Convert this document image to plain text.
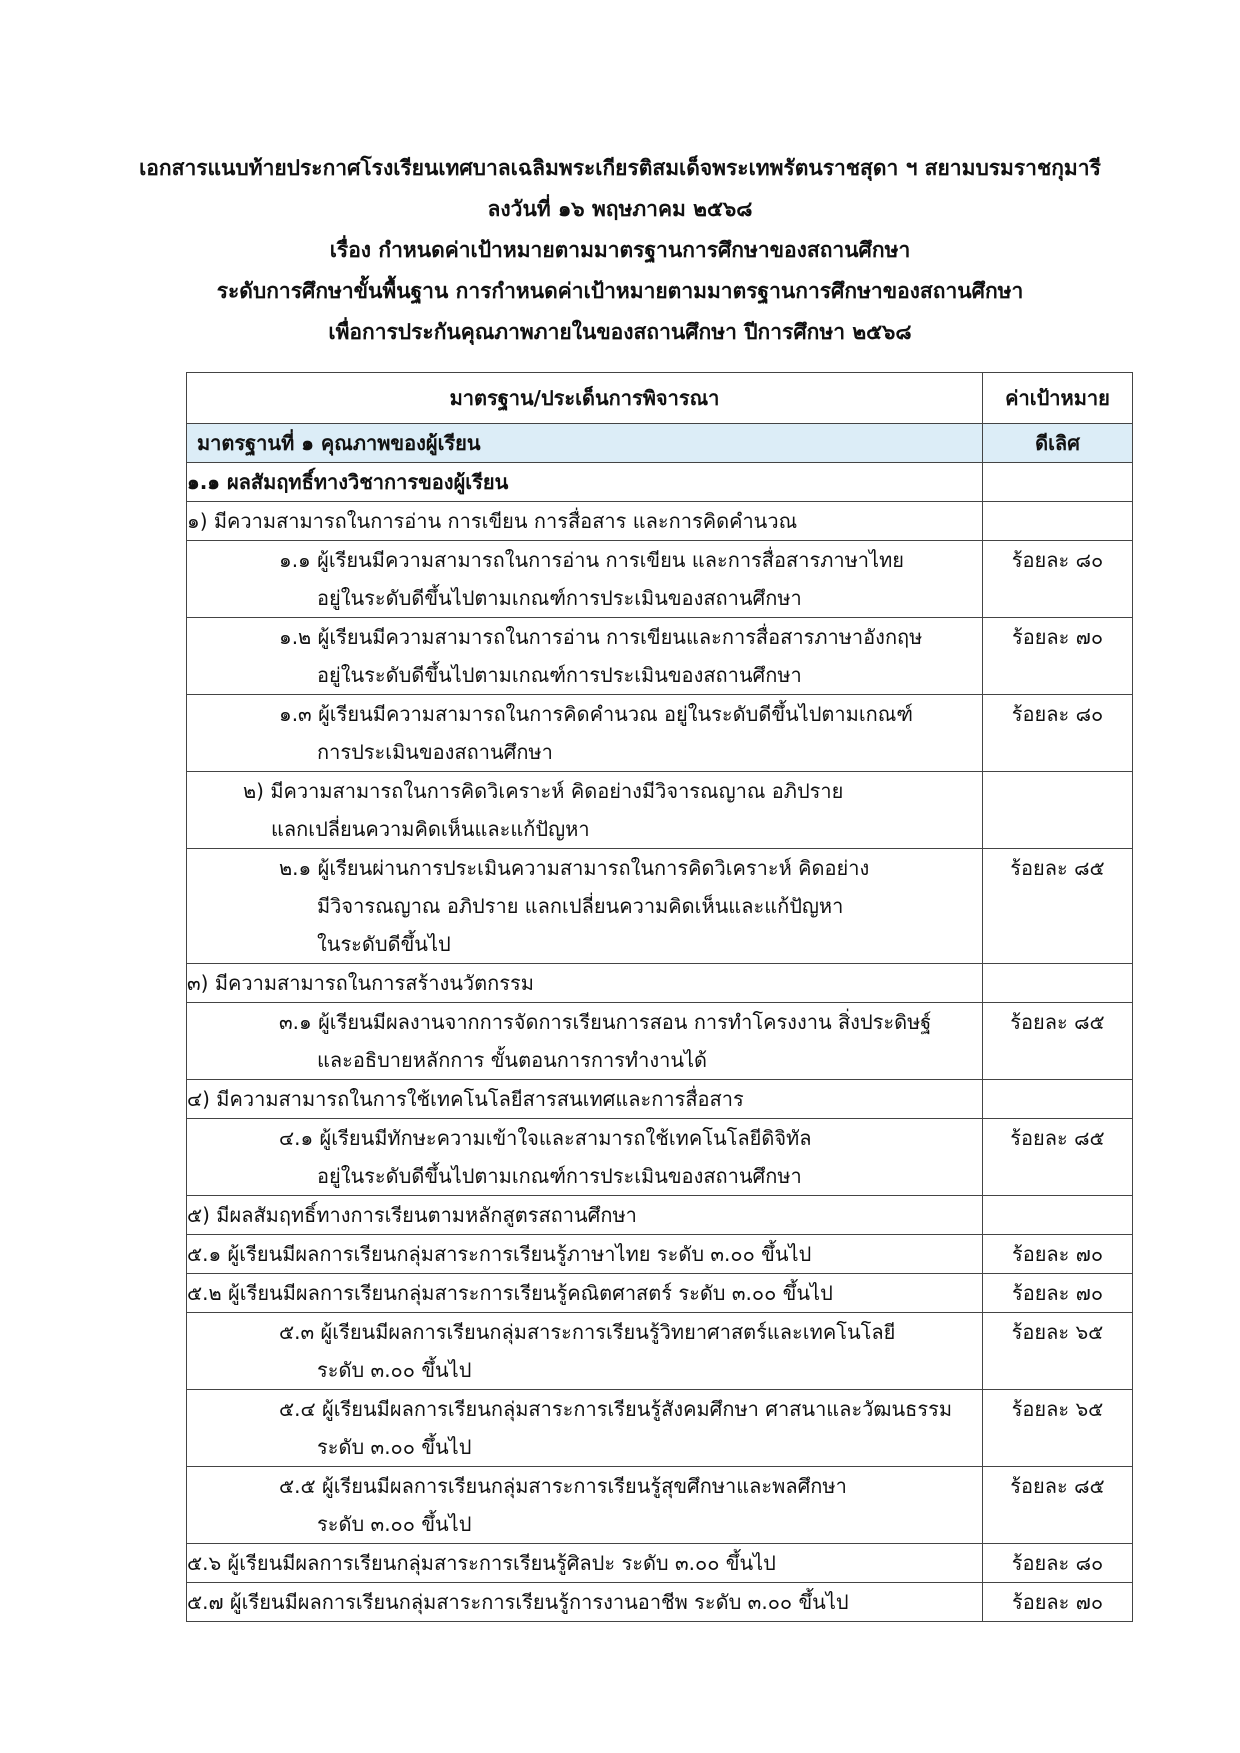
เอกสารแนบท้ายประกาศโรงเรียนเทศบาลเฉลิมพระเกียรติสมเด็จพระเทพรัตนราชสุดา ฯ สยามบรมราชกุมารี
ลงวันที่ ๑๖ พฤษภาคม ๒๕๖๘
เรื่อง กำหนดค่าเป้าหมายตามมาตรฐานการศึกษาของสถานศึกษา
ระดับการศึกษาขั้นพื้นฐาน การกำหนดค่าเป้าหมายตามมาตรฐานการศึกษาของสถานศึกษา
เพื่อการประกันคุณภาพภายในของสถานศึกษา ปีการศึกษา ๒๕๖๘
มาตรฐาน/ประเด็นการพิจารณา	ค่าเป้าหมาย
มาตรฐานที่ ๑ คุณภาพของผู้เรียน	ดีเลิศ
๑.๑ ผลสัมฤทธิ์ทางวิชาการของผู้เรียน	
๑) มีความสามารถในการอ่าน การเขียน การสื่อสาร และการคิดคำนวณ	

๑.๑ ผู้เรียนมีความสามารถในการอ่าน การเขียน และการสื่อสารภาษาไทย
อยู่ในระดับดีขึ้นไปตามเกณฑ์การประเมินของสถานศึกษา	ร้อยละ ๘๐

๑.๒ ผู้เรียนมีความสามารถในการอ่าน การเขียนและการสื่อสารภาษาอังกฤษ
อยู่ในระดับดีขึ้นไปตามเกณฑ์การประเมินของสถานศึกษา	ร้อยละ ๗๐

๑.๓ ผู้เรียนมีความสามารถในการคิดคำนวณ อยู่ในระดับดีขึ้นไปตามเกณฑ์
การประเมินของสถานศึกษา	ร้อยละ ๘๐

๒) มีความสามารถในการคิดวิเคราะห์ คิดอย่างมีวิจารณญาณ อภิปราย
แลกเปลี่ยนความคิดเห็นและแก้ปัญหา	

๒.๑ ผู้เรียนผ่านการประเมินความสามารถในการคิดวิเคราะห์ คิดอย่าง
มีวิจารณญาณ อภิปราย แลกเปลี่ยนความคิดเห็นและแก้ปัญหา
ในระดับดีขึ้นไป	ร้อยละ ๘๕
๓) มีความสามารถในการสร้างนวัตกรรม	

๓.๑ ผู้เรียนมีผลงานจากการจัดการเรียนการสอน การทำโครงงาน สิ่งประดิษฐ์
และอธิบายหลักการ ขั้นตอนการการทำงานได้	ร้อยละ ๘๕
๔) มีความสามารถในการใช้เทคโนโลยีสารสนเทศและการสื่อสาร	

๔.๑ ผู้เรียนมีทักษะความเข้าใจและสามารถใช้เทคโนโลยีดิจิทัล
อยู่ในระดับดีขึ้นไปตามเกณฑ์การประเมินของสถานศึกษา	ร้อยละ ๘๕
๕) มีผลสัมฤทธิ์ทางการเรียนตามหลักสูตรสถานศึกษา	
๕.๑ ผู้เรียนมีผลการเรียนกลุ่มสาระการเรียนรู้ภาษาไทย ระดับ ๓.๐๐ ขึ้นไป	ร้อยละ ๗๐
๕.๒ ผู้เรียนมีผลการเรียนกลุ่มสาระการเรียนรู้คณิตศาสตร์ ระดับ ๓.๐๐ ขึ้นไป	ร้อยละ ๗๐

๕.๓ ผู้เรียนมีผลการเรียนกลุ่มสาระการเรียนรู้วิทยาศาสตร์และเทคโนโลยี
ระดับ ๓.๐๐ ขึ้นไป	ร้อยละ ๖๕

๕.๔ ผู้เรียนมีผลการเรียนกลุ่มสาระการเรียนรู้สังคมศึกษา ศาสนาและวัฒนธรรม
ระดับ ๓.๐๐ ขึ้นไป	ร้อยละ ๖๕

๕.๕ ผู้เรียนมีผลการเรียนกลุ่มสาระการเรียนรู้สุขศึกษาและพลศึกษา
ระดับ ๓.๐๐ ขึ้นไป	ร้อยละ ๘๕
๕.๖ ผู้เรียนมีผลการเรียนกลุ่มสาระการเรียนรู้ศิลปะ ระดับ ๓.๐๐ ขึ้นไป	ร้อยละ ๘๐
๕.๗ ผู้เรียนมีผลการเรียนกลุ่มสาระการเรียนรู้การงานอาชีพ ระดับ ๓.๐๐ ขึ้นไป	ร้อยละ ๗๐
